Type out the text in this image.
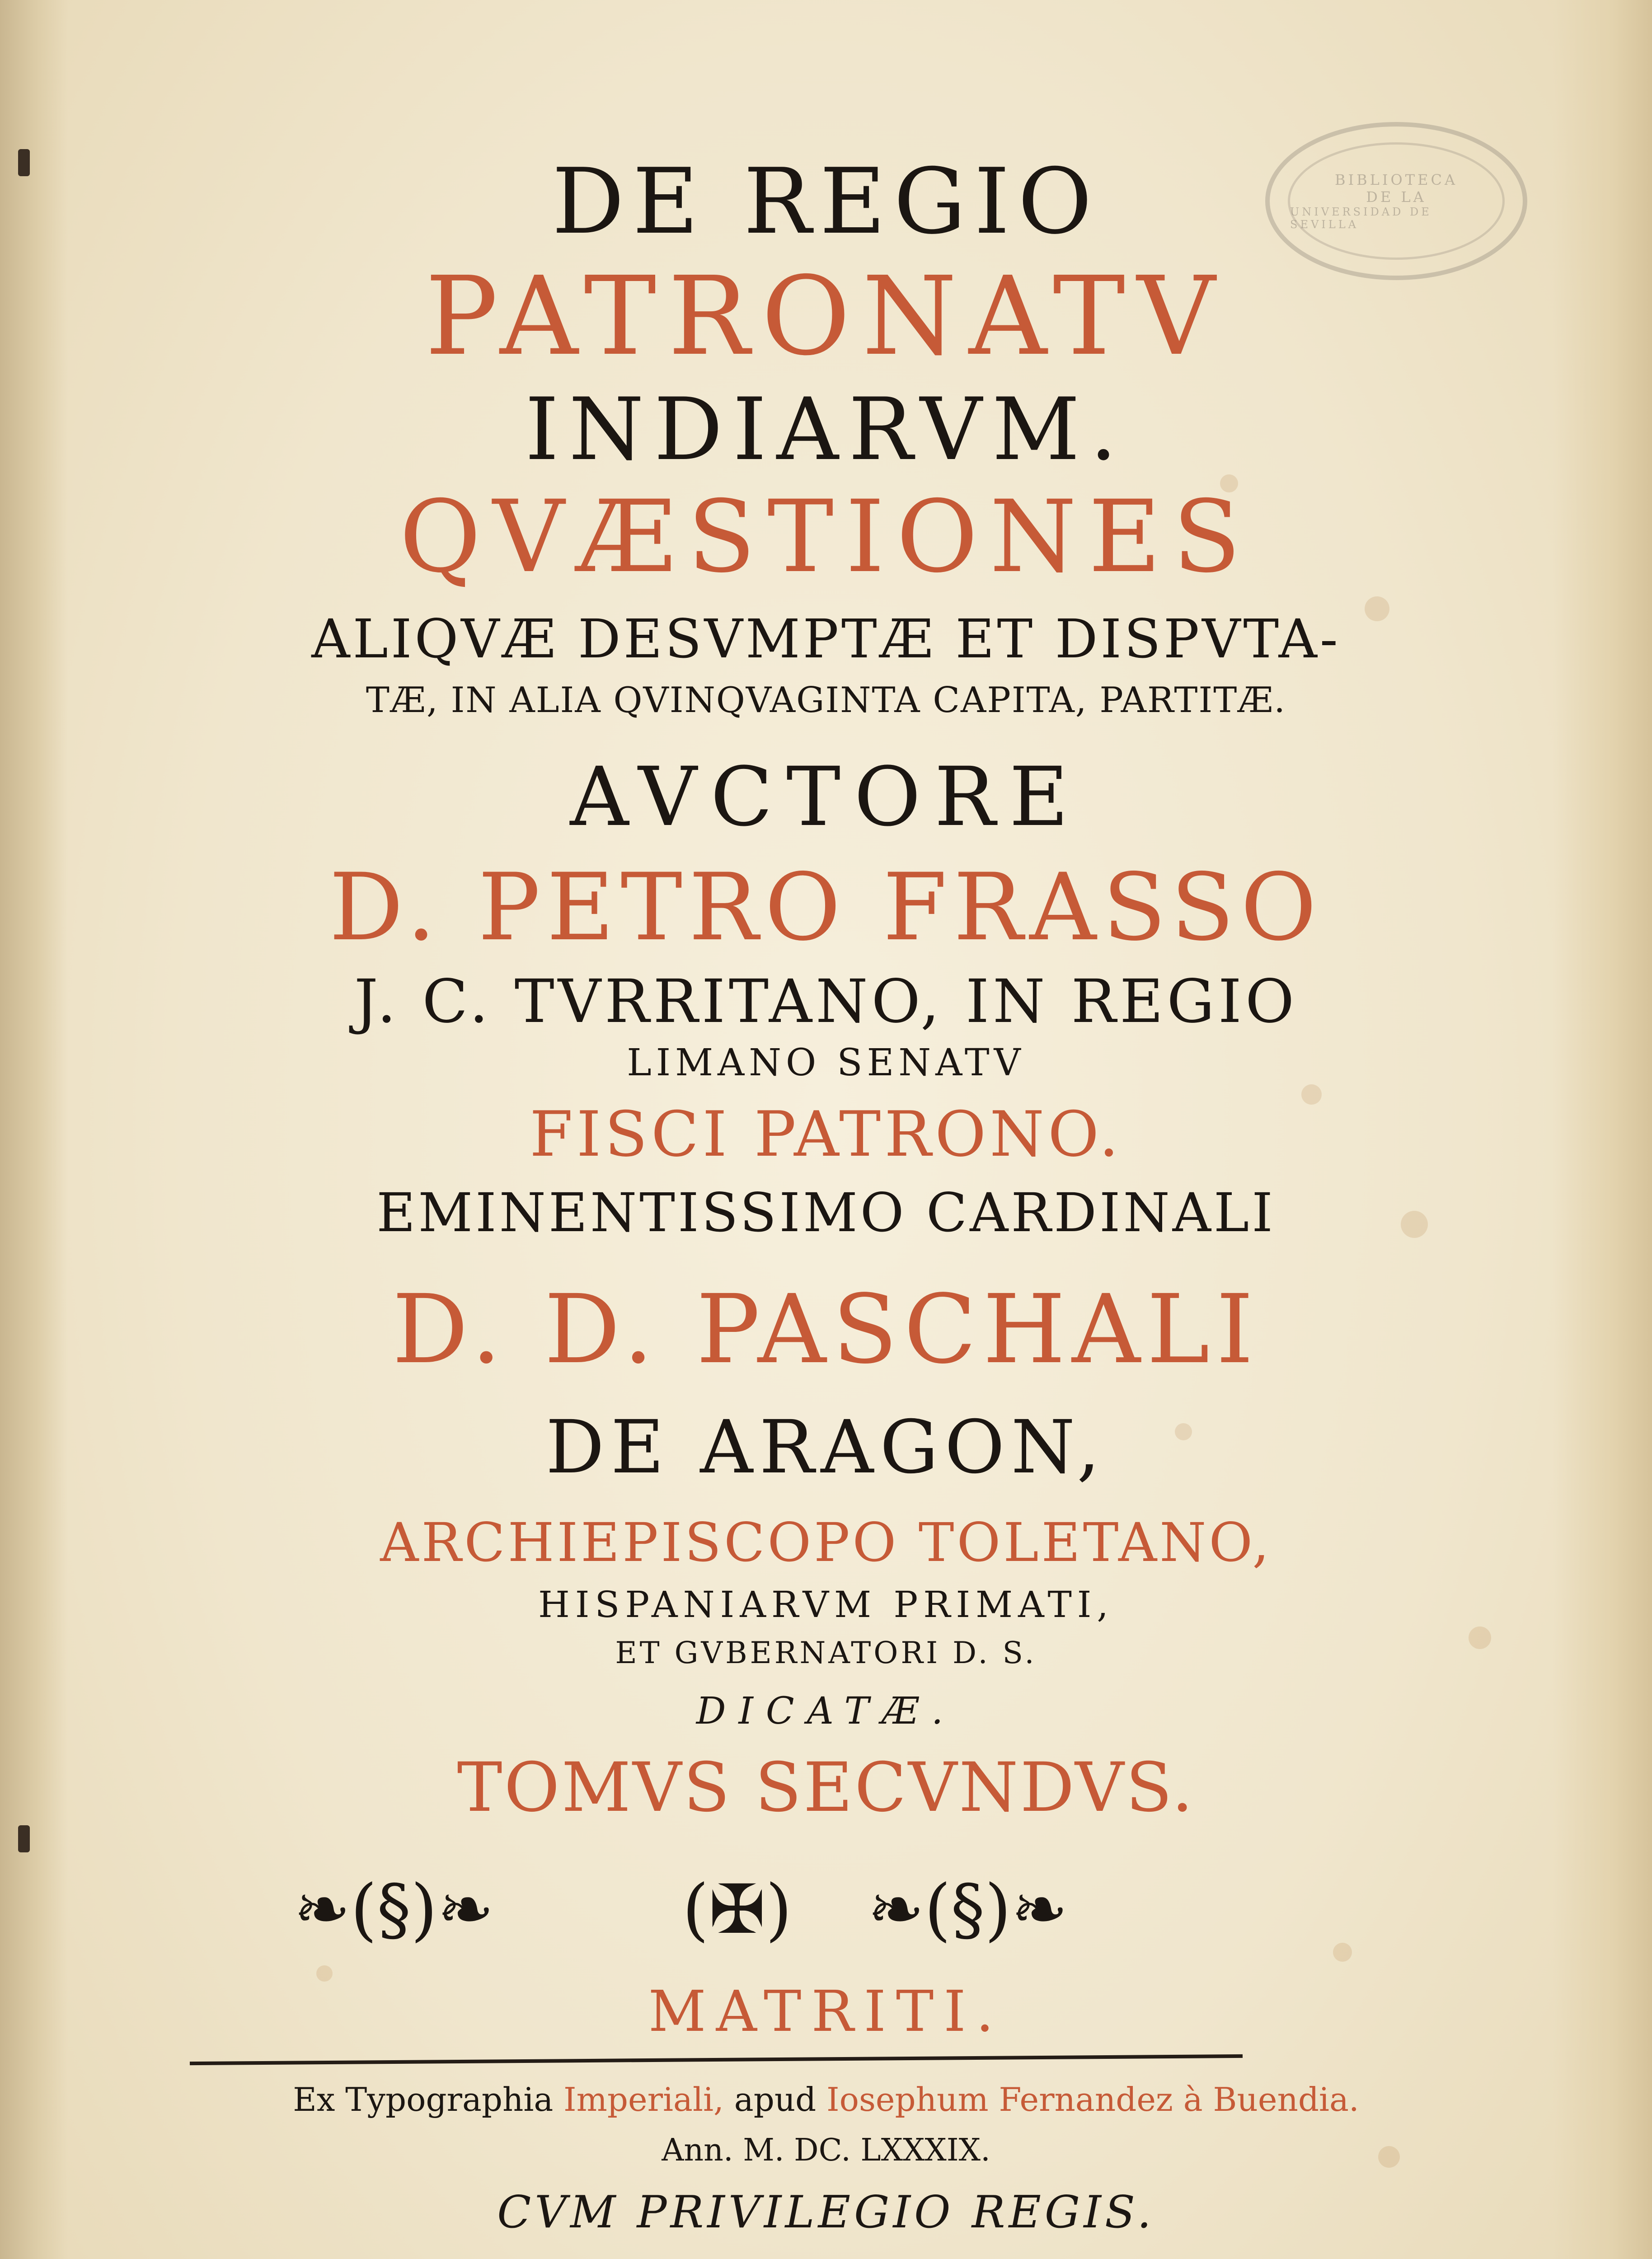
BIBLIOTECA
DE LA
UNIVERSIDAD DE SEVILLA
DE REGIO
PATRONATV
INDIARVM.
QVÆSTIONES
ALIQVÆ DESVMPTÆ ET DISPVTA-
TÆ, IN ALIA QVINQVAGINTA CAPITA, PARTITÆ.
AVCTORE
D. PETRO FRASSO
J. C. TVRRITANO, IN REGIO
LIMANO SENATV
FISCI PATRONO.
EMINENTISSIMO CARDINALI
D. D. PASCHALI
DE ARAGON,
ARCHIEPISCOPO TOLETANO,
HISPANIARVM PRIMATI,
ET GVBERNATORI D. S.
DICATÆ.
TOMVS SECVNDVS.
❧(§)❧	(✠) ❧(§)❧
MATRITI.
Ex Typographia Imperiali, apud Iosephum Fernandez à Buendia.
Ann. M. DC. LXXXIX.
CVM PRIVILEGIO REGIS.
